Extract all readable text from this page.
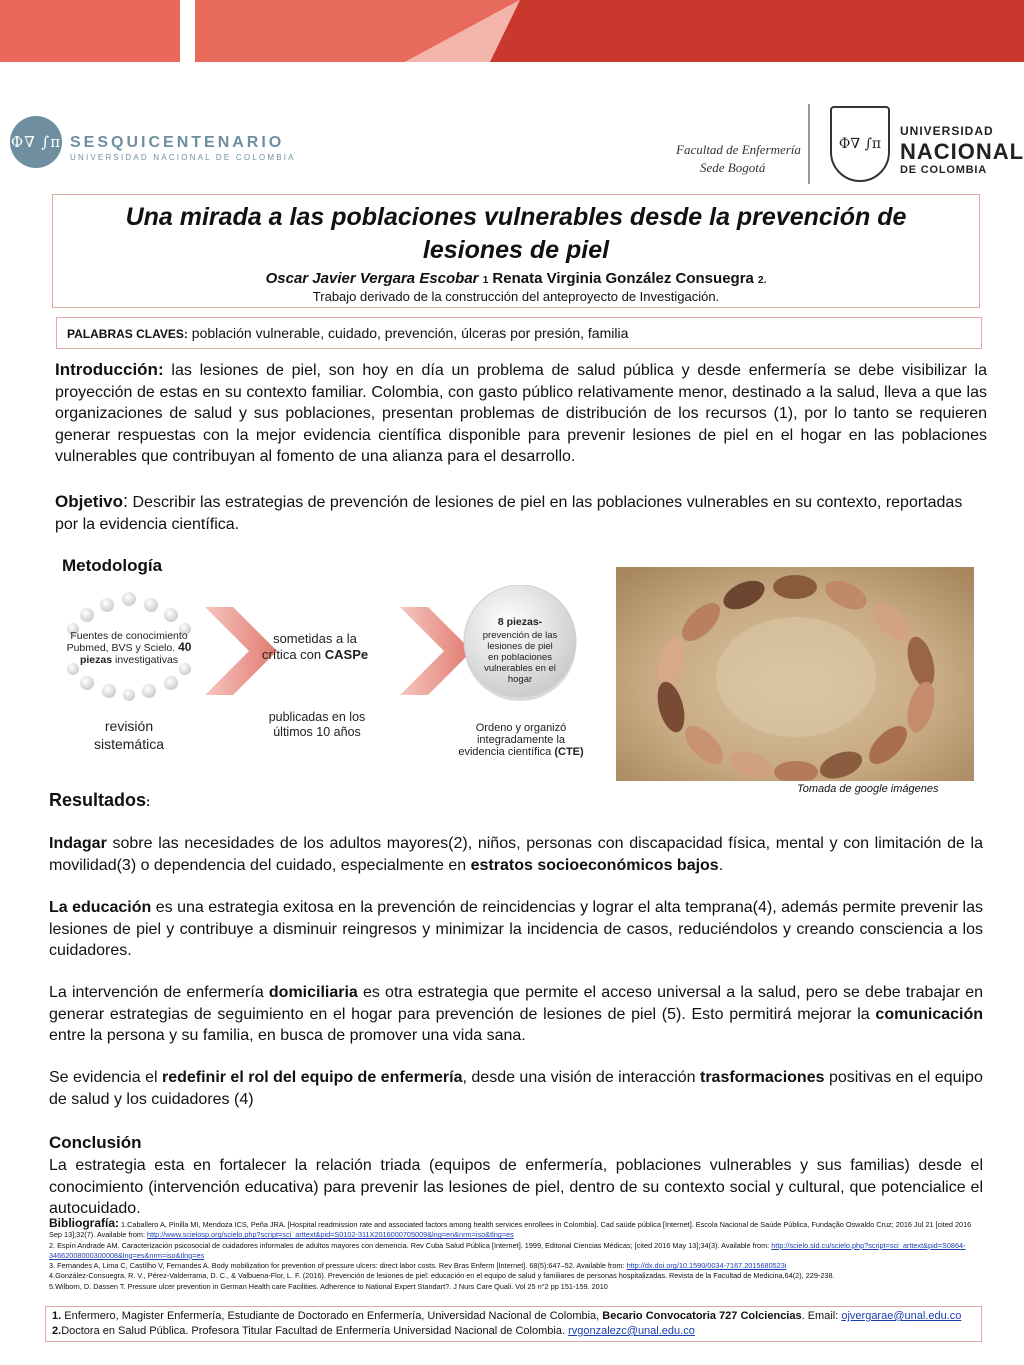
Φ∇ ∫π SESQUICENTENARIO
UNIVERSIDAD NACIONAL DE COLOMBIA
Facultad de Enfermería
Sede Bogotá
Φ∇ ∫π
UNIVERSIDAD
NACIONAL
DE COLOMBIA
Una mirada a las poblaciones vulnerables desde la prevención de
lesiones de piel
Oscar Javier Vergara Escobar 1 Renata Virginia González Consuegra 2.
Trabajo derivado de la construcción del anteproyecto de Investigación.
PALABRAS CLAVES: población vulnerable, cuidado, prevención, úlceras por presión, familia
Introducción: las lesiones de piel, son hoy en día un problema de salud pública y desde enfermería se debe visibilizar la proyección de estas en su contexto familiar. Colombia, con gasto público relativamente menor, destinado a la salud, lleva a que las organizaciones de salud y sus poblaciones, presentan problemas de distribución de los recursos (1), por lo tanto se requieren generar respuestas con la mejor evidencia científica disponible para prevenir lesiones de piel en el hogar en las poblaciones vulnerables que contribuyan al fomento de una alianza para el desarrollo.
Objetivo: Describir las estrategias de prevención de lesiones de piel en las poblaciones vulnerables en su contexto, reportadas por la evidencia científica.
Metodología
Fuentes de conocimiento
Pubmed, BVS y Scielo. 40
piezas investigativas
revisión
sistemática
sometidas a la
crítica con CASPe
publicadas en los
últimos 10 años
8 piezas-
prevención de las
lesiones de piel
en poblaciones
vulnerables en el
hogar
Ordeno y organizó
integradamente la
evidencia científica (CTE)
Tomada de google imágenes
Resultados:
Indagar sobre las necesidades de los adultos mayores(2), niños, personas con discapacidad física, mental y con limitación de la movilidad(3) o dependencia del cuidado, especialmente en estratos socioeconómicos bajos.
La educación es una estrategia exitosa en la prevención de reincidencias y lograr el alta temprana(4), además permite prevenir las lesiones de piel y contribuye a disminuir reingresos y minimizar la incidencia de casos, reduciéndolos y creando consciencia a los cuidadores.
La intervención de enfermería domiciliaria es otra estrategia que permite el acceso universal a la salud, pero se debe trabajar en generar estrategias de seguimiento en el hogar para prevención de lesiones de piel (5). Esto permitirá mejorar la comunicación entre la persona y su familia, en busca de promover una vida sana.
Se evidencia el redefinir el rol del equipo de enfermería, desde una visión de interacción trasformaciones positivas en el equipo de salud y los cuidadores (4)
Conclusión
La estrategia esta en fortalecer la relación triada (equipos de enfermería, poblaciones vulnerables y sus familias) desde el conocimiento (intervención educativa) para prevenir las lesiones de piel, dentro de su contexto social y cultural, que potencialice el autocuidado.
Bibliografía: 1.Caballero A, Pinilla MI, Mendoza ICS, Peña JRA. [Hospital readmission rate and associated factors among health services enrollees in Colombia]. Cad saúde pública [Internet]. Escola Nacional de Saúde Pública, Fundação Oswaldo Cruz; 2016 Jul 21 [cited 2016 Sep 13];32(7). Available from: http://www.scielosp.org/scielo.php?script=sci_arttext&pid=S0102-311X2016000705009&lng=en&nrm=iso&tlng=es
2. Espín Andrade AM. Caracterización psicosocial de cuidadores informales de adultos mayores con demencia. Rev Cuba Salud Pública [Internet]. 1999, Editorial Ciencias Médicas; [cited 2016 May 13];34(3). Available from: http://scielo.sld.cu/scielo.php?script=sci_arttext&pid=S0864-34662008000300008&lng=es&nrm=iso&tlng=es
3. Fernandes A, Lima C, Castilho V, Fernandes A. Body mobilization for prevention of pressure ulcers: direct labor costs. Rev Bras Enferm [Internet]. 68(5):647–52. Available from: http://dx.doi.org/10.1590/0034-7167.2015680523i
4.González-Consuegra, R. V., Pérez-Valderrama, D. C., & Valbuena-Flor, L. F. (2016). Prevención de lesiones de piel: educación en el equipo de salud y familiares de personas hospitalizadas. Revista de la Facultad de Medicina,64(2), 229-238.
5.Wilborn, D. Dassen T. Pressure ulcer prevention in German Health care Facilities. Adherence to National Expert Standart?. J Nurs Care Quali. Vol 25 n°2 pp 151-159. 2010
1. Enfermero, Magister Enfermería, Estudiante de Doctorado en Enfermería, Universidad Nacional de Colombia, Becario Convocatoria 727 Colciencias. Email: ojvergarae@unal.edu.co
2.Doctora en Salud Pública. Profesora Titular Facultad de Enfermería Universidad Nacional de Colombia. rvgonzalezc@unal.edu.co
